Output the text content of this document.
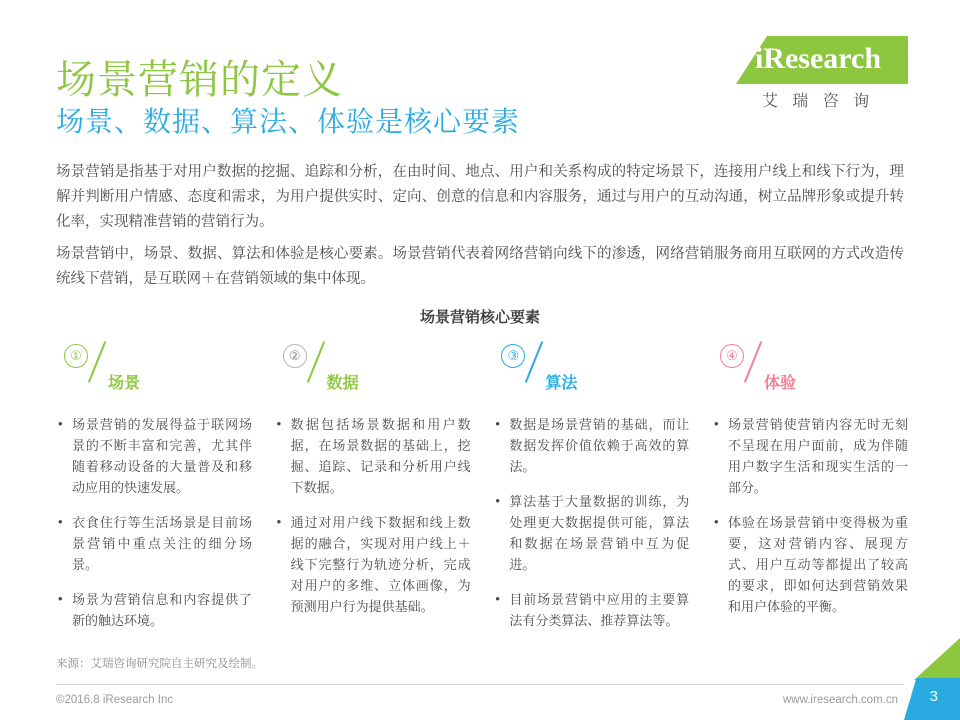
iResearch
艾 瑞 咨 询
场景营销的定义
场景、数据、算法、体验是核心要素
场景营销是指基于对用户数据的挖掘、追踪和分析，在由时间、地点、用户和关系构成的特定场景下，连接用户线上和线下行为，理解并判断用户情感、态度和需求，为用户提供实时、定向、创意的信息和内容服务，通过与用户的互动沟通，树立品牌形象或提升转化率，实现精准营销的营销行为。
场景营销中，场景、数据、算法和体验是核心要素。场景营销代表着网络营销向线下的渗透，网络营销服务商用互联网的方式改造传统线下营销，是互联网＋在营销领域的集中体现。
场景营销核心要素
①
场景
• 场景营销的发展得益于联网场景的不断丰富和完善，尤其伴随着移动设备的大量普及和移动应用的快速发展。
• 衣食住行等生活场景是目前场景营销中重点关注的细分场景。
• 场景为营销信息和内容提供了新的触达环境。
②
数据
• 数据包括场景数据和用户数据，在场景数据的基础上，挖掘、追踪、记录和分析用户线下数据。
• 通过对用户线下数据和线上数据的融合，实现对用户线上＋线下完整行为轨迹分析，完成对用户的多维、立体画像，为预测用户行为提供基础。
③
算法
• 数据是场景营销的基础，而让数据发挥价值依赖于高效的算法。
• 算法基于大量数据的训练，为处理更大数据提供可能，算法和数据在场景营销中互为促进。
• 目前场景营销中应用的主要算法有分类算法、推荐算法等。
④
体验
• 场景营销使营销内容无时无刻不呈现在用户面前，成为伴随用户数字生活和现实生活的一部分。
• 体验在场景营销中变得极为重要，这对营销内容、展现方式、用户互动等都提出了较高的要求，即如何达到营销效果和用户体验的平衡。
来源：艾瑞咨询研究院自主研究及绘制。
©2016.8 iResearch Inc	www.iresearch.com.cn 3
